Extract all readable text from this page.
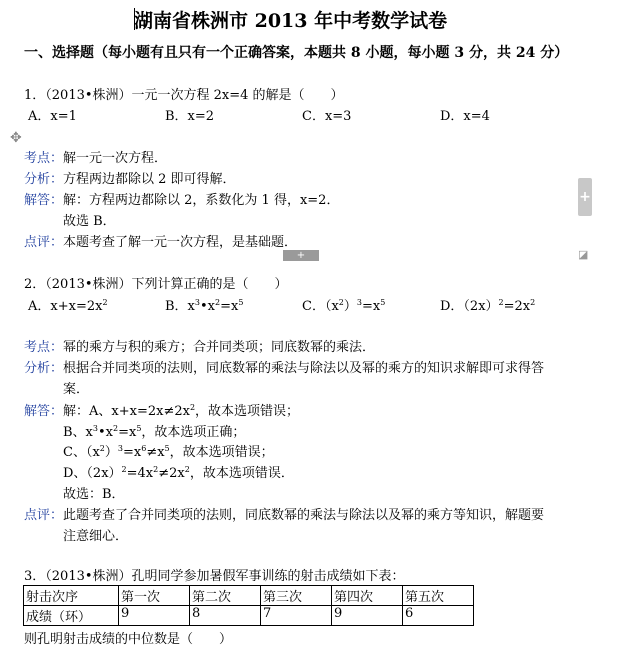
湖南省株洲市 2013 年中考数学试卷
一、选择题（每小题有且只有一个正确答案，本题共 8 小题，每小题 3 分，共 24 分）
1．（2013•株洲）一元一次方程 2x=4 的解是（　　）
A．x=1	B．x=2	C．x=3	D．x=4
✥
考点：解一元一次方程．
分析：方程两边都除以 2 即可得解．
解答：解：方程两边都除以 2，系数化为 1 得，x=2．
故选 B．
点评：本题考查了解一元一次方程，是基础题．
+
+	◪
2．（2013•株洲）下列计算正确的是（　　）
A．$x+x=2x^2$	B．$x^3•x^2=x^5$	C．$(x^2)^3=x^5$	D．$(2x)^2=2x^2$
考点：幂的乘方与积的乘方；合并同类项；同底数幂的乘法．
分析：根据合并同类项的法则，同底数幂的乘法与除法以及幂的乘方的知识求解即可求得答
案．
解答：解：A、$x+x=2x\ne 2x^2$，故本选项错误；
B、$x^3•x^2=x^5$，故本选项正确；
C、$(x^2)^3=x^6\ne x^5$，故本选项错误；
D、$(2x)^2=4x^2\ne 2x^2$，故本选项错误．
故选：B．
点评：此题考查了合并同类项的法则，同底数幂的乘法与除法以及幂的乘方等知识，解题要
注意细心．
3．（2013•株洲）孔明同学参加暑假军事训练的射击成绩如下表：
射击次序	第一次	第二次	第三次	第四次	第五次
成绩（环）	9	8	7	9	6
则孔明射击成绩的中位数是（　　）
